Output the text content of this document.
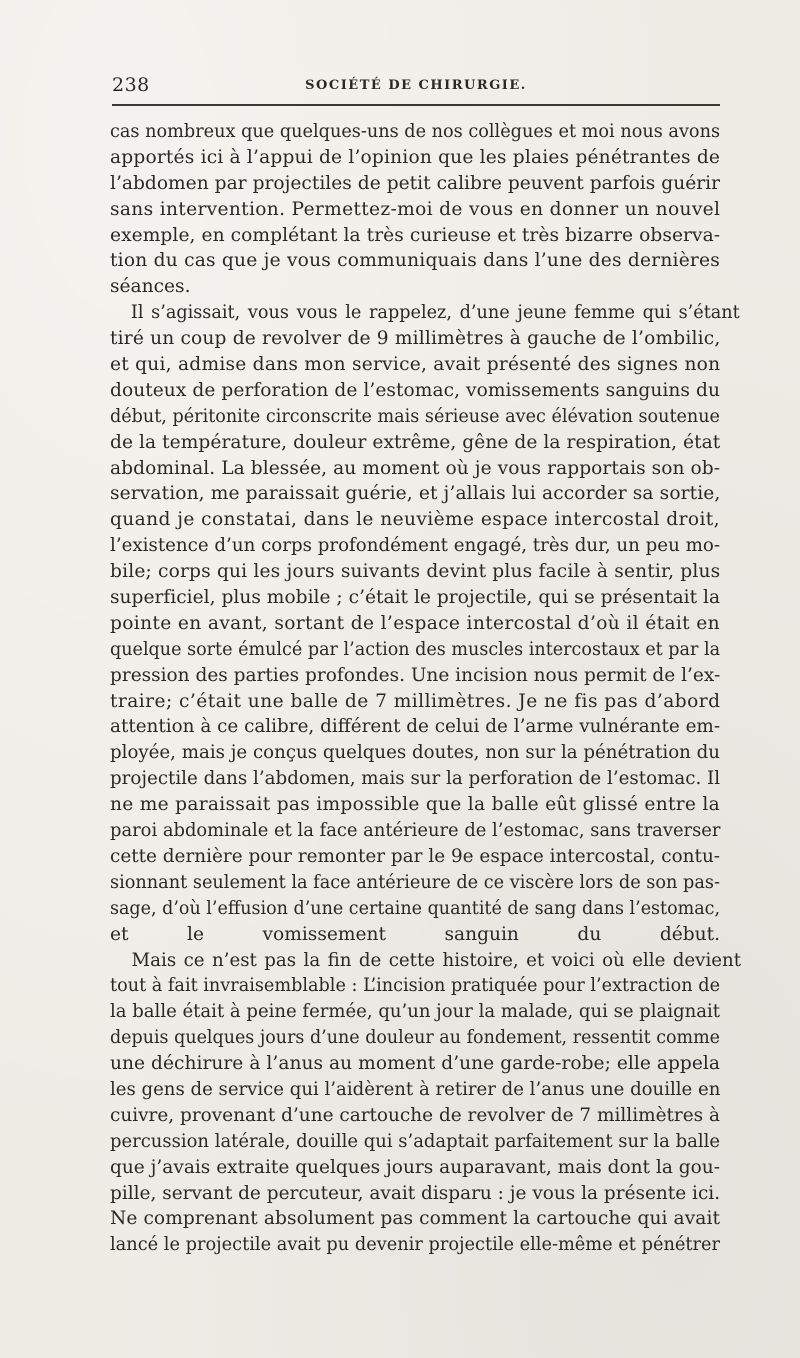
238	SOCIÉTÉ DE CHIRURGIE.
cas nombreux que quelques-uns de nos collègues et moi nous avons
apportés ici à l’appui de l’opinion que les plaies pénétrantes de
l’abdomen par projectiles de petit calibre peuvent parfois guérir
sans intervention. Permettez-moi de vous en donner un nouvel
exemple, en complétant la très curieuse et très bizarre observa-
tion du cas que je vous communiquais dans l’une des dernières
séances.
Il s’agissait, vous vous le rappelez, d’une jeune femme qui s’étant
tiré un coup de revolver de 9 millimètres à gauche de l’ombilic,
et qui, admise dans mon service, avait présenté des signes non
douteux de perforation de l’estomac, vomissements sanguins du
début, péritonite circonscrite mais sérieuse avec élévation soutenue
de la température, douleur extrême, gêne de la respiration, état
abdominal. La blessée, au moment où je vous rapportais son ob-
servation, me paraissait guérie, et j’allais lui accorder sa sortie,
quand je constatai, dans le neuvième espace intercostal droit,
l’existence d’un corps profondément engagé, très dur, un peu mo-
bile; corps qui les jours suivants devint plus facile à sentir, plus
superficiel, plus mobile ; c’était le projectile, qui se présentait la
pointe en avant, sortant de l’espace intercostal d’où il était en
quelque sorte émulcé par l’action des muscles intercostaux et par la
pression des parties profondes. Une incision nous permit de l’ex-
traire; c’était une balle de 7 millimètres. Je ne fis pas d’abord
attention à ce calibre, différent de celui de l’arme vulnérante em-
ployée, mais je conçus quelques doutes, non sur la pénétration du
projectile dans l’abdomen, mais sur la perforation de l’estomac. Il
ne me paraissait pas impossible que la balle eût glissé entre la
paroi abdominale et la face antérieure de l’estomac, sans traverser
cette dernière pour remonter par le 9e espace intercostal, contu-
sionnant seulement la face antérieure de ce viscère lors de son pas-
sage, d’où l’effusion d’une certaine quantité de sang dans l’estomac,
et le vomissement sanguin du début.
Mais ce n’est pas la fin de cette histoire, et voici où elle devient
tout à fait invraisemblable : L’incision pratiquée pour l’extraction de
la balle était à peine fermée, qu’un jour la malade, qui se plaignait
depuis quelques jours d’une douleur au fondement, ressentit comme
une déchirure à l’anus au moment d’une garde-robe; elle appela
les gens de service qui l’aidèrent à retirer de l’anus une douille en
cuivre, provenant d’une cartouche de revolver de 7 millimètres à
percussion latérale, douille qui s’adaptait parfaitement sur la balle
que j’avais extraite quelques jours auparavant, mais dont la gou-
pille, servant de percuteur, avait disparu : je vous la présente ici.
Ne comprenant absolument pas comment la cartouche qui avait
lancé le projectile avait pu devenir projectile elle-même et pénétrer
